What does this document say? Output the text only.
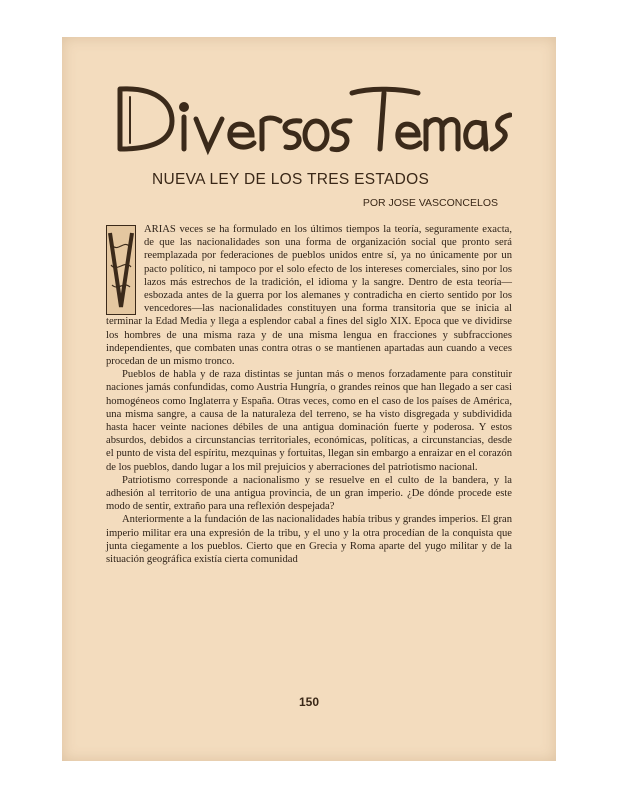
NUEVA LEY DE LOS TRES ESTADOS
POR JOSE VASCONCELOS

ARIAS veces se ha formulado en los últimos tiempos la teoría, seguramente exacta, de que las nacionalidades son una forma de organización social que pronto será reemplazada por federaciones de pueblos unidos entre sí, ya no únicamente por un pacto político, ni tampoco por el solo efecto de los intereses comerciales, sino por los lazos más estrechos de la tradición, el idioma y la sangre. Dentro de esta teoría—esbozada antes de la guerra por los alemanes y contradicha en cierto sentido por los vencedores—las nacionalidades constituyen una forma transitoria que se inicia al terminar la Edad Media y llega a esplendor cabal a fines del siglo XIX. Epoca que ve dividirse los hombres de una misma raza y de una misma lengua en fracciones y subfracciones independientes, que combaten unas contra otras o se mantienen apartadas aun cuando a veces procedan de un mismo tronco.

Pueblos de habla y de raza distintas se juntan más o menos forzadamente para constituir naciones jamás confundidas, como Austria Hungría, o grandes reinos que han llegado a ser casi homogéneos como Inglaterra y España. Otras veces, como en el caso de los países de América, una misma sangre, a causa de la naturaleza del terreno, se ha visto disgregada y subdividida hasta hacer veinte naciones débiles de una antigua dominación fuerte y poderosa. Y estos absurdos, debidos a circunstancias territoriales, económicas, políticas, a circunstancias, desde el punto de vista del espíritu, mezquinas y fortuitas, llegan sin embargo a enraizar en el corazón de los pueblos, dando lugar a los mil prejuicios y aberraciones del patriotismo nacional.

Patriotismo corresponde a nacionalismo y se resuelve en el culto de la bandera, y la adhesión al territorio de una antigua provincia, de un gran imperio. ¿De dónde procede este modo de sentir, extraño para una reflexión despejada?

Anteriormente a la fundación de las nacionalidades había tribus y grandes imperios. El gran imperio militar era una expresión de la tribu, y el uno y la otra procedían de la conquista que junta ciegamente a los pueblos. Cierto que en Grecia y Roma aparte del yugo militar y de la situación geográfica existía cierta comunidad

150
